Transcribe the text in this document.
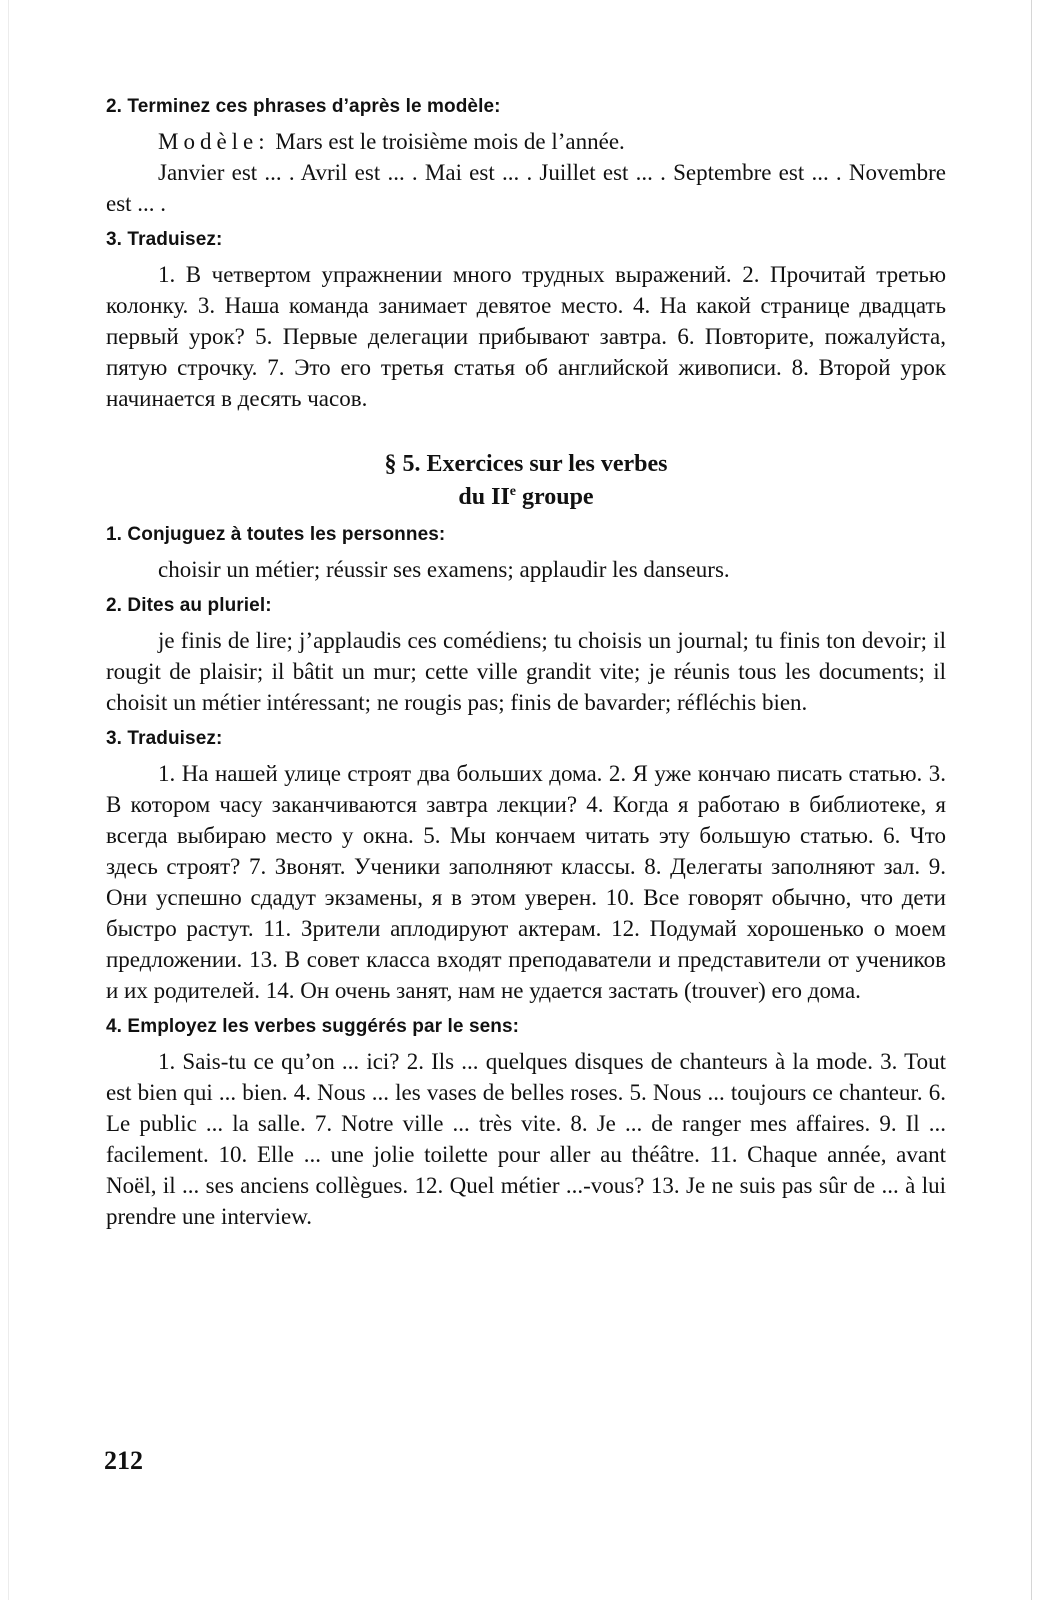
2. Terminez ces phrases d’après le modèle:

Modèle: Mars est le troisième mois de l’année.

Janvier est ... . Avril est ... . Mai est ... . Juillet est ... . Septembre est ... . Novembre est ... .

3. Traduisez:

1. В четвертом упражнении много трудных выражений. 2. Прочитай третью колонку. 3. Наша команда занимает девятое место. 4. На какой странице двадцать первый урок? 5. Первые делегации прибывают завтра. 6. Повторите, пожалуйста, пятую строчку. 7. Это его третья статья об английской живописи. 8. Второй урок начинается в десять часов.

§ 5. Exercices sur les verbes
du IIe groupe
1. Conjuguez à toutes les personnes:

choisir un métier; réussir ses examens; applaudir les danseurs.

2. Dites au pluriel:

je finis de lire; j’applaudis ces comédiens; tu choisis un journal; tu finis ton devoir; il rougit de plaisir; il bâtit un mur; cette ville grandit vite; je réunis tous les documents; il choisit un métier intéressant; ne rougis pas; finis de bavarder; réfléchis bien.

3. Traduisez:

1. На нашей улице строят два больших дома. 2. Я уже кончаю писать статью. 3. В котором часу заканчиваются завтра лекции? 4. Когда я работаю в библиотеке, я всегда выбираю место у окна. 5. Мы кончаем читать эту большую статью. 6. Что здесь строят? 7. Звонят. Ученики заполняют классы. 8. Делегаты заполняют зал. 9. Они успешно сдадут экзамены, я в этом уверен. 10. Все говорят обычно, что дети быстро растут. 11. Зрители аплодируют актерам. 12. Подумай хорошенько о моем предложении. 13. В совет класса входят преподаватели и представители от учеников и их родителей. 14. Он очень занят, нам не удается застать (trouver) его дома.

4. Employez les verbes suggérés par le sens:

1. Sais-tu ce qu’on ... ici? 2. Ils ... quelques disques de chanteurs à la mode. 3. Tout est bien qui ... bien. 4. Nous ... les vases de belles roses. 5. Nous ... toujours ce chanteur. 6. Le public ... la salle. 7. Notre ville ... très vite. 8. Je ... de ranger mes affaires. 9. Il ... facilement. 10. Elle ... une jolie toilette pour aller au théâtre. 11. Chaque année, avant Noël, il ... ses anciens collègues. 12. Quel métier ...-vous? 13. Je ne suis pas sûr de ... à lui prendre une interview.

212
